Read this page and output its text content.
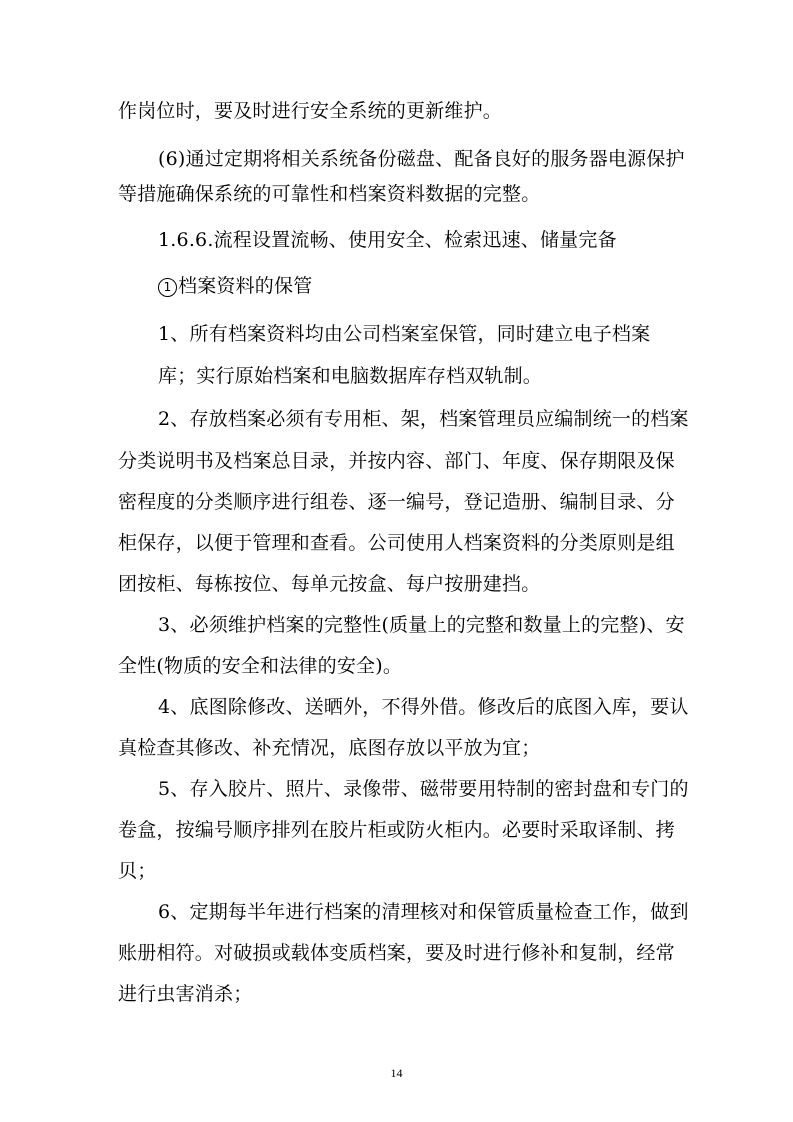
作岗位时，要及时进行安全系统的更新维护。
(6)通过定期将相关系统备份磁盘、配备良好的服务器电源保护
等措施确保系统的可靠性和档案资料数据的完整。
1.6.6.流程设置流畅、使用安全、检索迅速、储量完备
1 档案资料的保管
1、所有档案资料均由公司档案室保管，同时建立电子档案
库；实行原始档案和电脑数据库存档双轨制。
2、存放档案必须有专用柜、架，档案管理员应编制统一的档案
分类说明书及档案总目录，并按内容、部门、年度、保存期限及保
密程度的分类顺序进行组卷、逐一编号，登记造册、编制目录、分
柜保存，以便于管理和查看。公司使用人档案资料的分类原则是组
团按柜、每栋按位、每单元按盒、每户按册建挡。
3、必须维护档案的完整性(质量上的完整和数量上的完整)、安
全性(物质的安全和法律的安全)。
4、底图除修改、送晒外，不得外借。修改后的底图入库，要认
真检查其修改、补充情况，底图存放以平放为宜；
5、存入胶片、照片、录像带、磁带要用特制的密封盘和专门的
卷盒，按编号顺序排列在胶片柜或防火柜内。必要时采取译制、拷
贝；
6、定期每半年进行档案的清理核对和保管质量检查工作，做到
账册相符。对破损或载体变质档案，要及时进行修补和复制，经常
进行虫害消杀；
14
